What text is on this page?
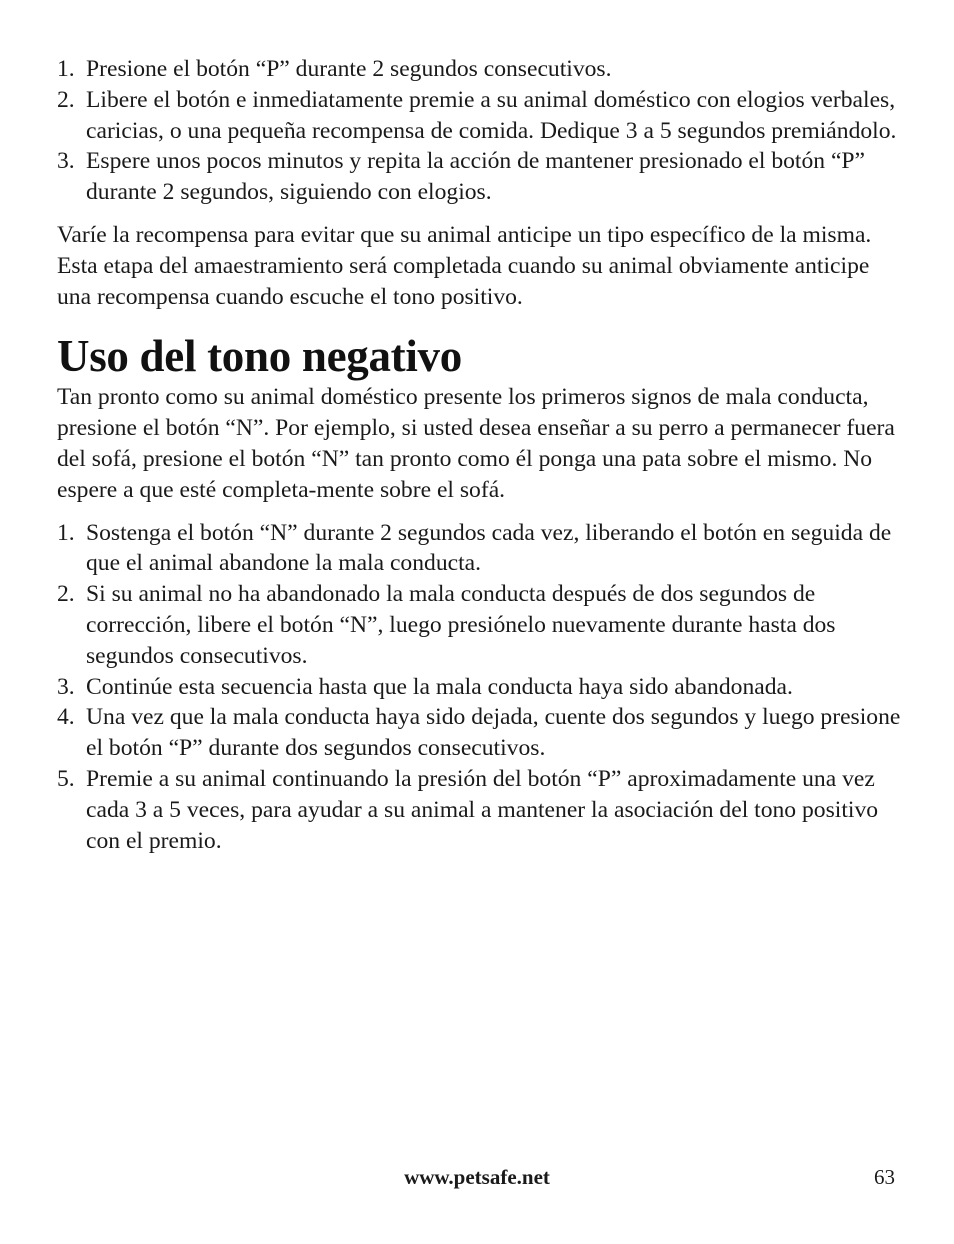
1. Presione el botón “P” durante 2 segundos consecutivos.
2. Libere el botón e inmediatamente premie a su animal doméstico con elogios verbales, caricias, o una pequeña recompensa de comida. Dedique 3 a 5 segundos premiándolo.
3. Espere unos pocos minutos y repita la acción de mantener presionado el botón “P” durante 2 segundos, siguiendo con elogios.

Varíe la recompensa para evitar que su animal anticipe un tipo específico de la misma. Esta etapa del amaestramiento será completada cuando su animal obviamente anticipe una recompensa cuando escuche el tono positivo.

Uso del tono negativo

Tan pronto como su animal doméstico presente los primeros signos de mala conducta, presione el botón “N”. Por ejemplo, si usted desea enseñar a su perro a permanecer fuera del sofá, presione el botón “N” tan pronto como él ponga una pata sobre el mismo. No espere a que esté completa-mente sobre el sofá.

1. Sostenga el botón “N” durante 2 segundos cada vez, liberando el botón en seguida de que el animal abandone la mala conducta.
2. Si su animal no ha abandonado la mala conducta después de dos segundos de corrección, libere el botón “N”, luego presiónelo nuevamente durante hasta dos segundos consecutivos.
3. Continúe esta secuencia hasta que la mala conducta haya sido abandonada.
4. Una vez que la mala conducta haya sido dejada, cuente dos segundos y luego presione el botón “P” durante dos segundos consecutivos.
5. Premie a su animal continuando la presión del botón “P” aproximadamente una vez cada 3 a 5 veces, para ayudar a su animal a mantener la asociación del tono positivo con el premio.
www.petsafe.net	63
